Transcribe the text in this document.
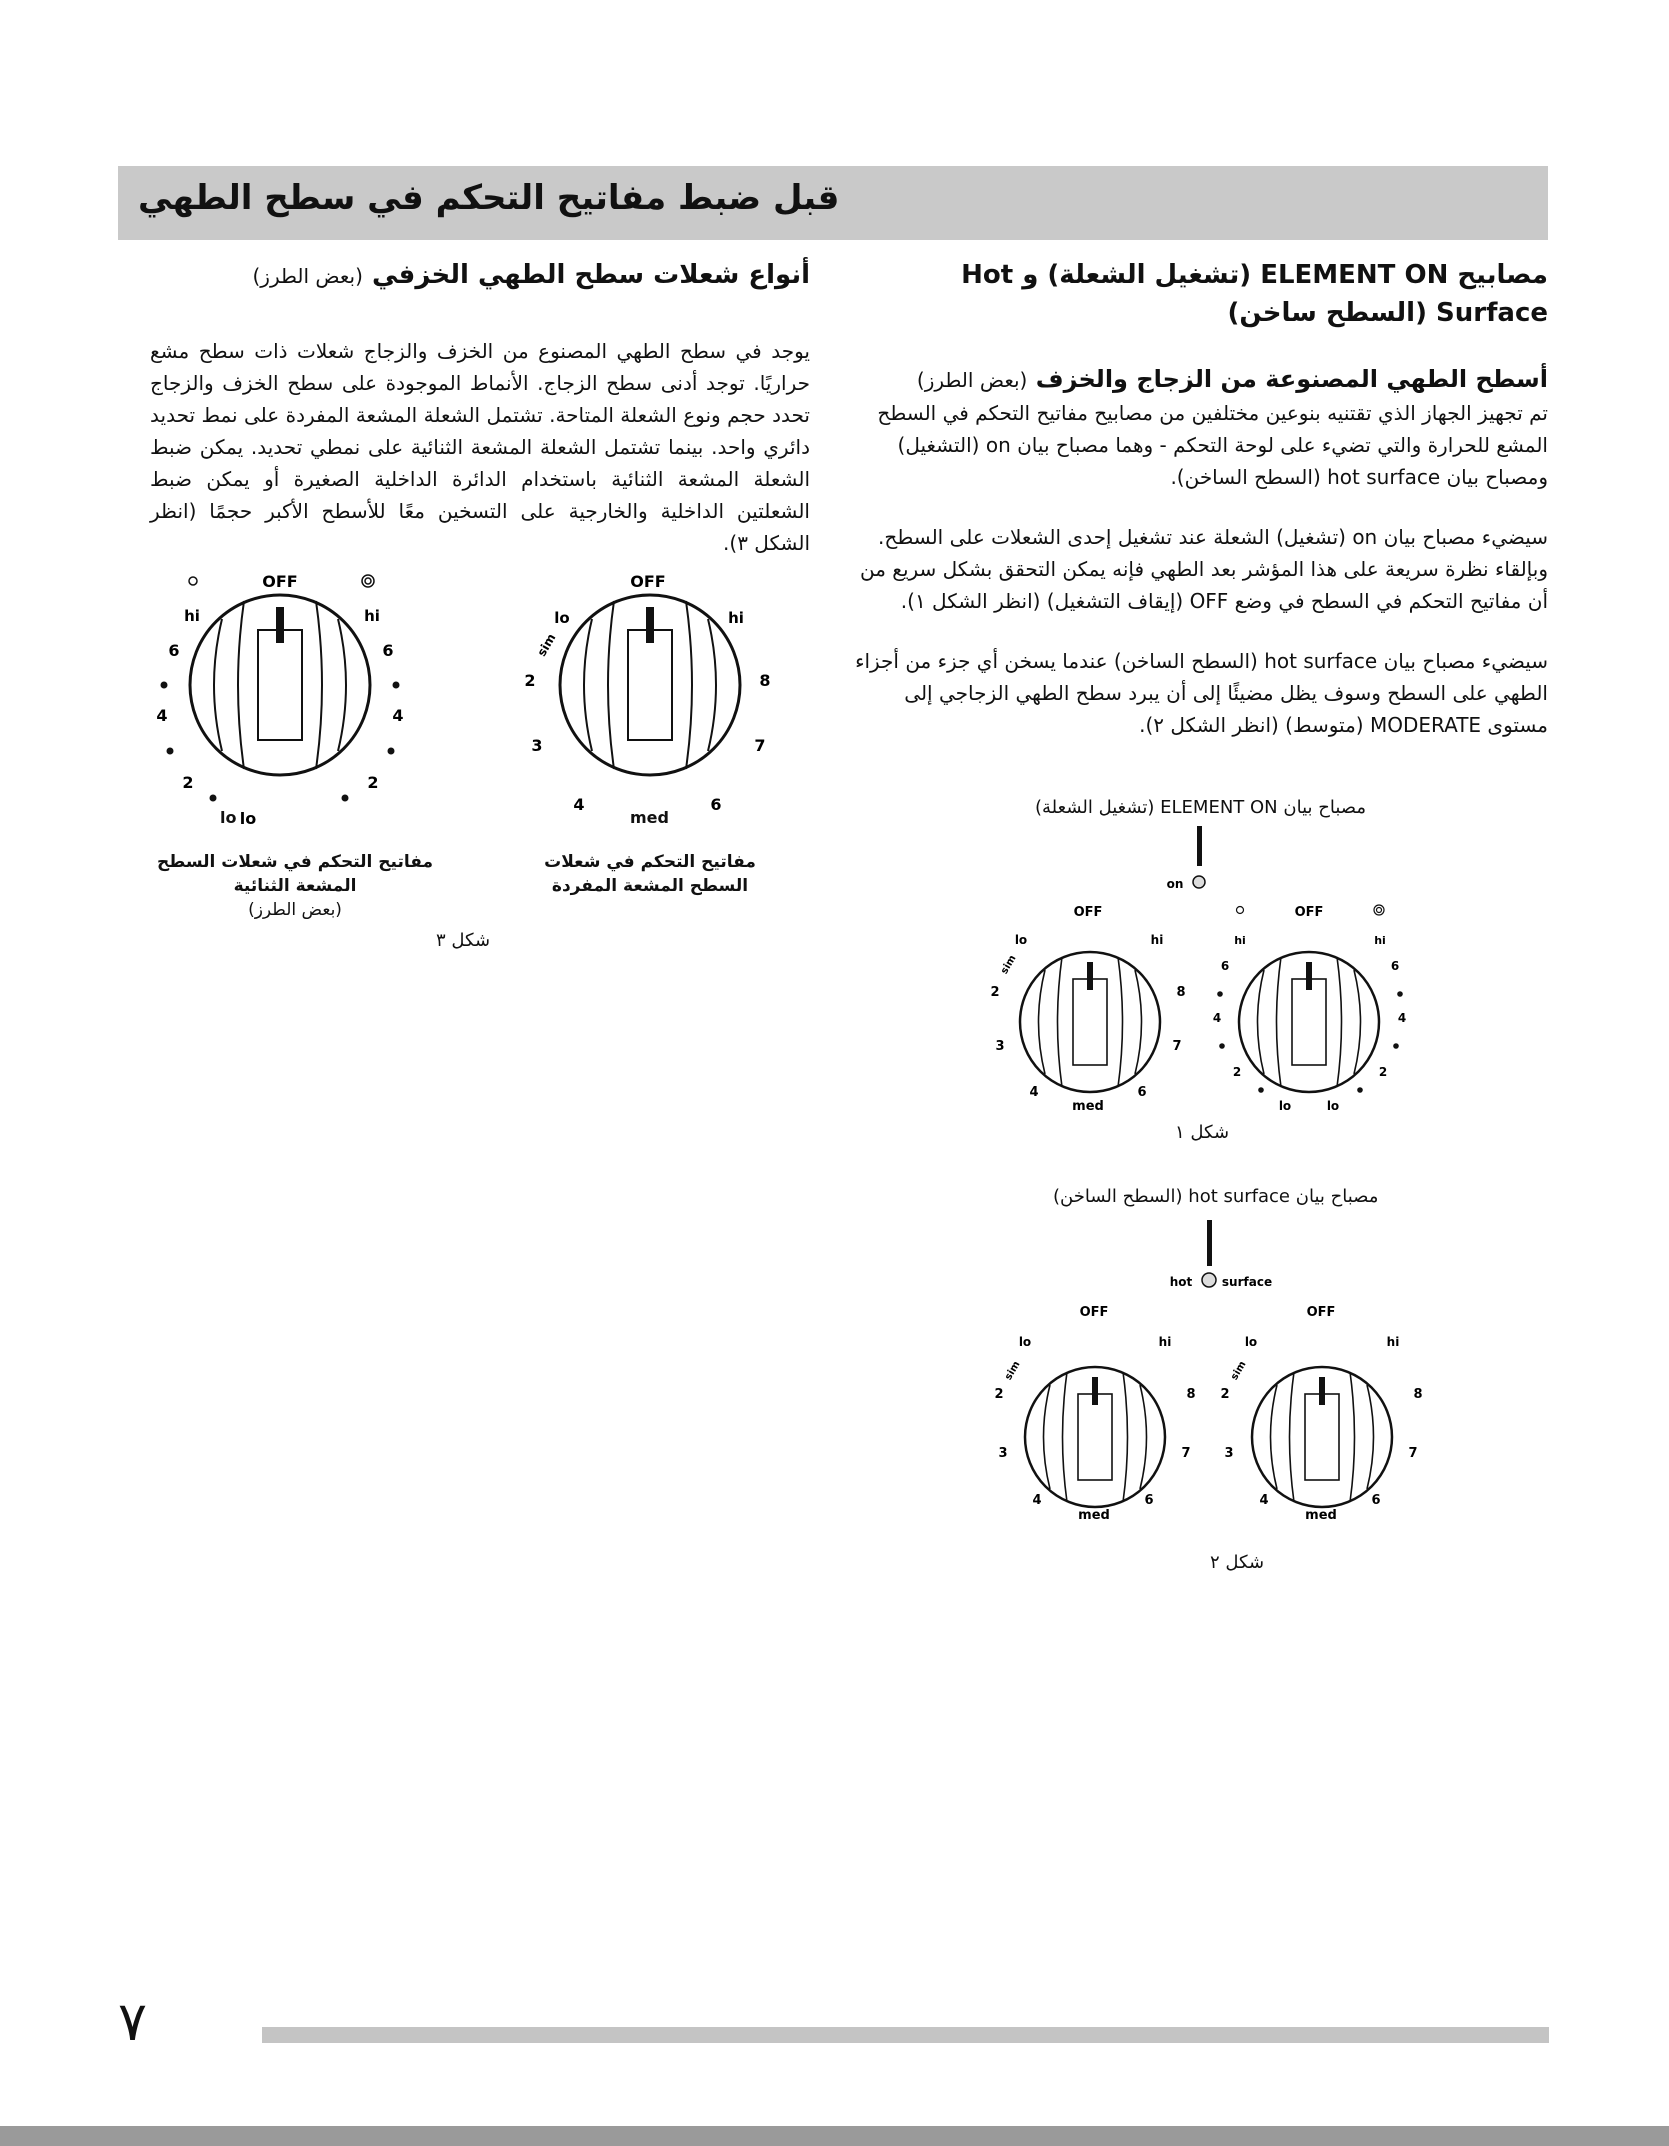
قبل ضبط مفاتيح التحكم في سطح الطهي
أنواع شعلات سطح الطهي الخزفي (بعض الطرز)

يوجد في سطح الطهي المصنوع من الخزف والزجاج شعلات ذات سطح مشع حراريًا. توجد أدنى سطح الزجاج. الأنماط الموجودة على سطح الخزف والزجاج تحدد حجم ونوع الشعلة المتاحة. تشتمل الشعلة المشعة المفردة على نمط تحديد دائري واحد. بينما تشتمل الشعلة المشعة الثنائية على نمطي تحديد. يمكن ضبط الشعلة المشعة الثنائية باستخدام الدائرة الداخلية الصغيرة أو يمكن ضبط الشعلتين الداخلية والخارجية على التسخين معًا للأسطح الأكبر حجمًا (انظر الشكل ٣).

مصابيح ELEMENT ON (تشغيل الشعلة) و Hot Surface (السطح ساخن)
أسطح الطهي المصنوعة من الزجاج والخزف (بعض الطرز)

تم تجهيز الجهاز الذي تقتنيه بنوعين مختلفين من مصابيح مفاتيح التحكم في السطح المشع للحرارة والتي تضيء على لوحة التحكم - وهما مصباح بيان on (التشغيل) ومصباح بيان hot surface (السطح الساخن).

سيضيء مصباح بيان on (تشغيل) الشعلة عند تشغيل إحدى الشعلات على السطح. وبإلقاء نظرة سريعة على هذا المؤشر بعد الطهي فإنه يمكن التحقق بشكل سريع من أن مفاتيح التحكم في السطح في وضع OFF (إيقاف التشغيل) (انظر الشكل ١).

سيضيء مصباح بيان hot surface (السطح الساخن) عندما يسخن أي جزء من أجزاء الطهي على السطح وسوف يظل مضيئًا إلى أن يبرد سطح الطهي الزجاجي إلى مستوى MODERATE (متوسط) (انظر الشكل ٢).

OFF
hi	hi
6	6
4	4
2	2
lo
OFF
lo	hi
sim
2	8
3	7
4	6
lo	med
مفاتيح التحكم في شعلات السطح
المشعة الثنائية
(بعض الطرز)
مفاتيح التحكم في شعلات
السطح المشعة المفردة
شكل ٣
مصباح بيان ELEMENT ON (تشغيل الشعلة)
on
OFF
lo	hi
sim
2	8
3	7
4	6
med
OFF
hi	hi
6	6
4	4
2	2
lo	lo
شكل ١
مصباح بيان hot surface (السطح الساخن)
hot surface
OFF
lo	hi
sim
2	8
3	7
4	6
med
OFF
lo	hi
sim
2	8
3	7
4	6
med
شكل ٢
٧
